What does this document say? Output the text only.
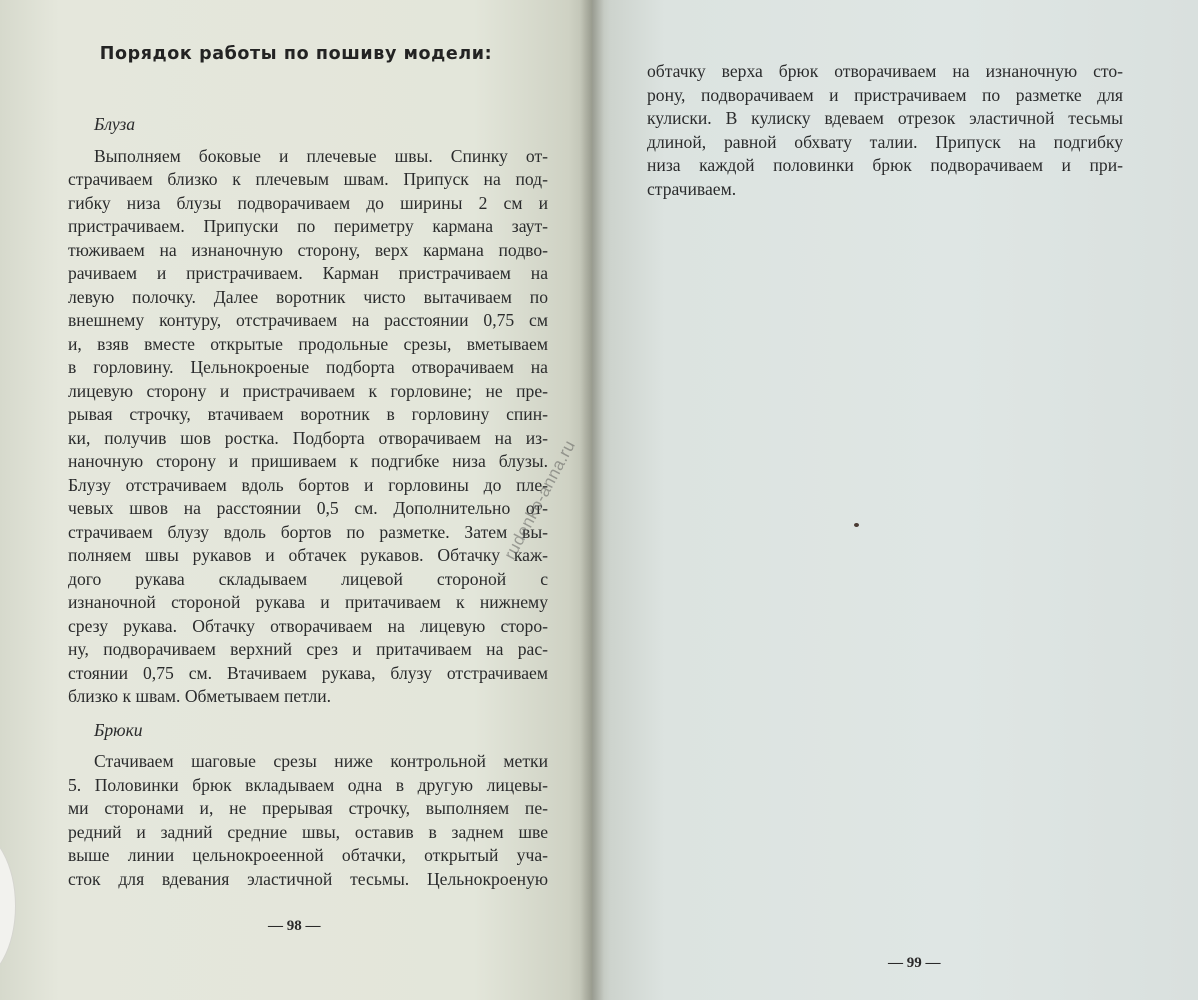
Порядок работы по пошиву модели:
Блуза
Выполняем боковые и плечевые швы. Спинку от-
страчиваем близко к плечевым швам. Припуск на под-
гибку низа блузы подворачиваем до ширины 2 см и
пристрачиваем. Припуски по периметру кармана заут-
тюживаем на изнаночную сторону, верх кармана подво-
рачиваем и пристрачиваем. Карман пристрачиваем на
левую полочку. Далее воротник чисто вытачиваем по
внешнему контуру, отстрачиваем на расстоянии 0,75 см
и, взяв вместе открытые продольные срезы, вметываем
в горловину. Цельнокроеные подборта отворачиваем на
лицевую сторону и пристрачиваем к горловине; не пре-
рывая строчку, втачиваем воротник в горловину спин-
ки, получив шов ростка. Подборта отворачиваем на из-
наночную сторону и пришиваем к подгибке низа блузы.
Блузу отстрачиваем вдоль бортов и горловины до пле-
чевых швов на расстоянии 0,5 см. Дополнительно от-
страчиваем блузу вдоль бортов по разметке. Затем вы-
полняем швы рукавов и обтачек рукавов. Обтачку каж-
дого рукава складываем лицевой стороной с
изнаночной стороной рукава и притачиваем к нижнему
срезу рукава. Обтачку отворачиваем на лицевую сторо-
ну, подворачиваем верхний срез и притачиваем на рас-
стоянии 0,75 см. Втачиваем рукава, блузу отстрачиваем
близко к швам. Обметываем петли.
Брюки
Стачиваем шаговые срезы ниже контрольной метки
5. Половинки брюк вкладываем одна в другую лицевы-
ми сторонами и, не прерывая строчку, выполняем пе-
редний и задний средние швы, оставив в заднем шве
выше линии цельнокроеенной обтачки, открытый уча-
сток для вдевания эластичной тесьмы. Цельнокроеную
— 98 —
обтачку верха брюк отворачиваем на изнаночную сто-
рону, подворачиваем и пристрачиваем по разметке для
кулиски. В кулиску вдеваем отрезок эластичной тесьмы
длиной, равной обхвату талии. Припуск на подгибку
низа каждой половинки брюк подворачиваем и при-
страчиваем.
— 99 —
rudenko-anna.ru
